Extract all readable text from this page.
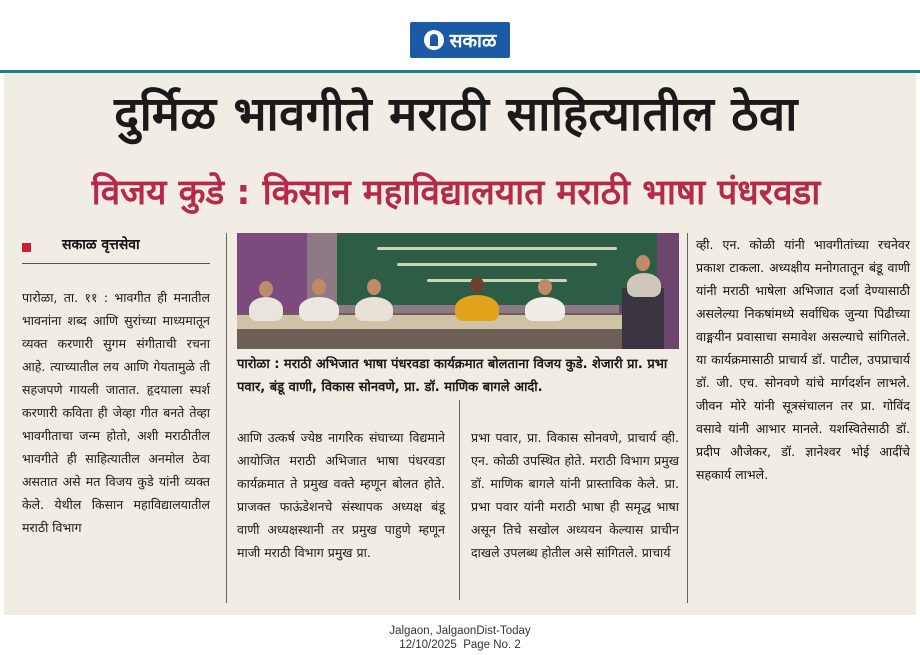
सकाळ
दुर्मिळ भावगीते मराठी साहित्यातील ठेवा
विजय कुडे : किसान महाविद्यालयात मराठी भाषा पंधरवडा
सकाळ वृत्तसेवा
पारोळा, ता. ११ : भावगीत ही मनातील भावनांना शब्द आणि सुरांच्या माध्यमातून व्यक्त करणारी सुगम संगीताची रचना आहे. त्याच्यातील लय आणि गेयतामुळे ती सहजपणे गायली जातात. हृदयाला स्पर्श करणारी कविता ही जेव्हा गीत बनते तेव्हा भावगीताचा जन्म होतो, अशी मराठीतील भावगीते ही साहित्यातील अनमोल ठेवा असतात असे मत विजय कुडे यांनी व्यक्त केले. येथील किसान महाविद्यालयातील मराठी विभाग
पारोळा : मराठी अभिजात भाषा पंधरवडा कार्यक्रमात बोलताना विजय कुडे. शेजारी प्रा. प्रभा पवार, बंडू वाणी, विकास सोनवणे, प्रा. डॉ. माणिक बागले आदी.
आणि उत्कर्ष ज्येष्ठ नागरिक संघाच्या विद्यमाने आयोजित मराठी अभिजात भाषा पंधरवडा कार्यक्रमात ते प्रमुख वक्ते म्हणून बोलत होते. प्राजक्त फाऊंडेशनचे संस्थापक अध्यक्ष बंडू वाणी अध्यक्षस्थानी तर प्रमुख पाहुणे म्हणून माजी मराठी विभाग प्रमुख प्रा.
प्रभा पवार, प्रा. विकास सोनवणे, प्राचार्य व्ही. एन. कोळी उपस्थित होते. मराठी विभाग प्रमुख डॉ. माणिक बागले यांनी प्रास्ताविक केले. प्रा. प्रभा पवार यांनी मराठी भाषा ही समृद्ध भाषा असून तिचे सखोल अध्ययन केल्यास प्राचीन दाखले उपलब्ध होतील असे सांगितले. प्राचार्य
व्ही. एन. कोळी यांनी भावगीतांच्या रचनेवर प्रकाश टाकला. अध्यक्षीय मनोगतातून बंडू वाणी यांनी मराठी भाषेला अभिजात दर्जा देण्यासाठी असलेल्या निकषांमध्ये सर्वाधिक जुन्या पिढीच्या वाङ्मयीन प्रवासाचा समावेश असल्याचे सांगितले. या कार्यक्रमासाठी प्राचार्य डॉ. पाटील, उपप्राचार्य डॉ. जी. एच. सोनवणे यांचे मार्गदर्शन लाभले. जीवन मोरे यांनी सूत्रसंचालन तर प्रा. गोविंद वसावे यांनी आभार मानले. यशस्वितेसाठी डॉ. प्रदीप औजेकर, डॉ. ज्ञानेश्वर भोई आदींचे सहकार्य लाभले.
Jalgaon, JalgaonDist-Today
12/10/2025  Page No. 2
